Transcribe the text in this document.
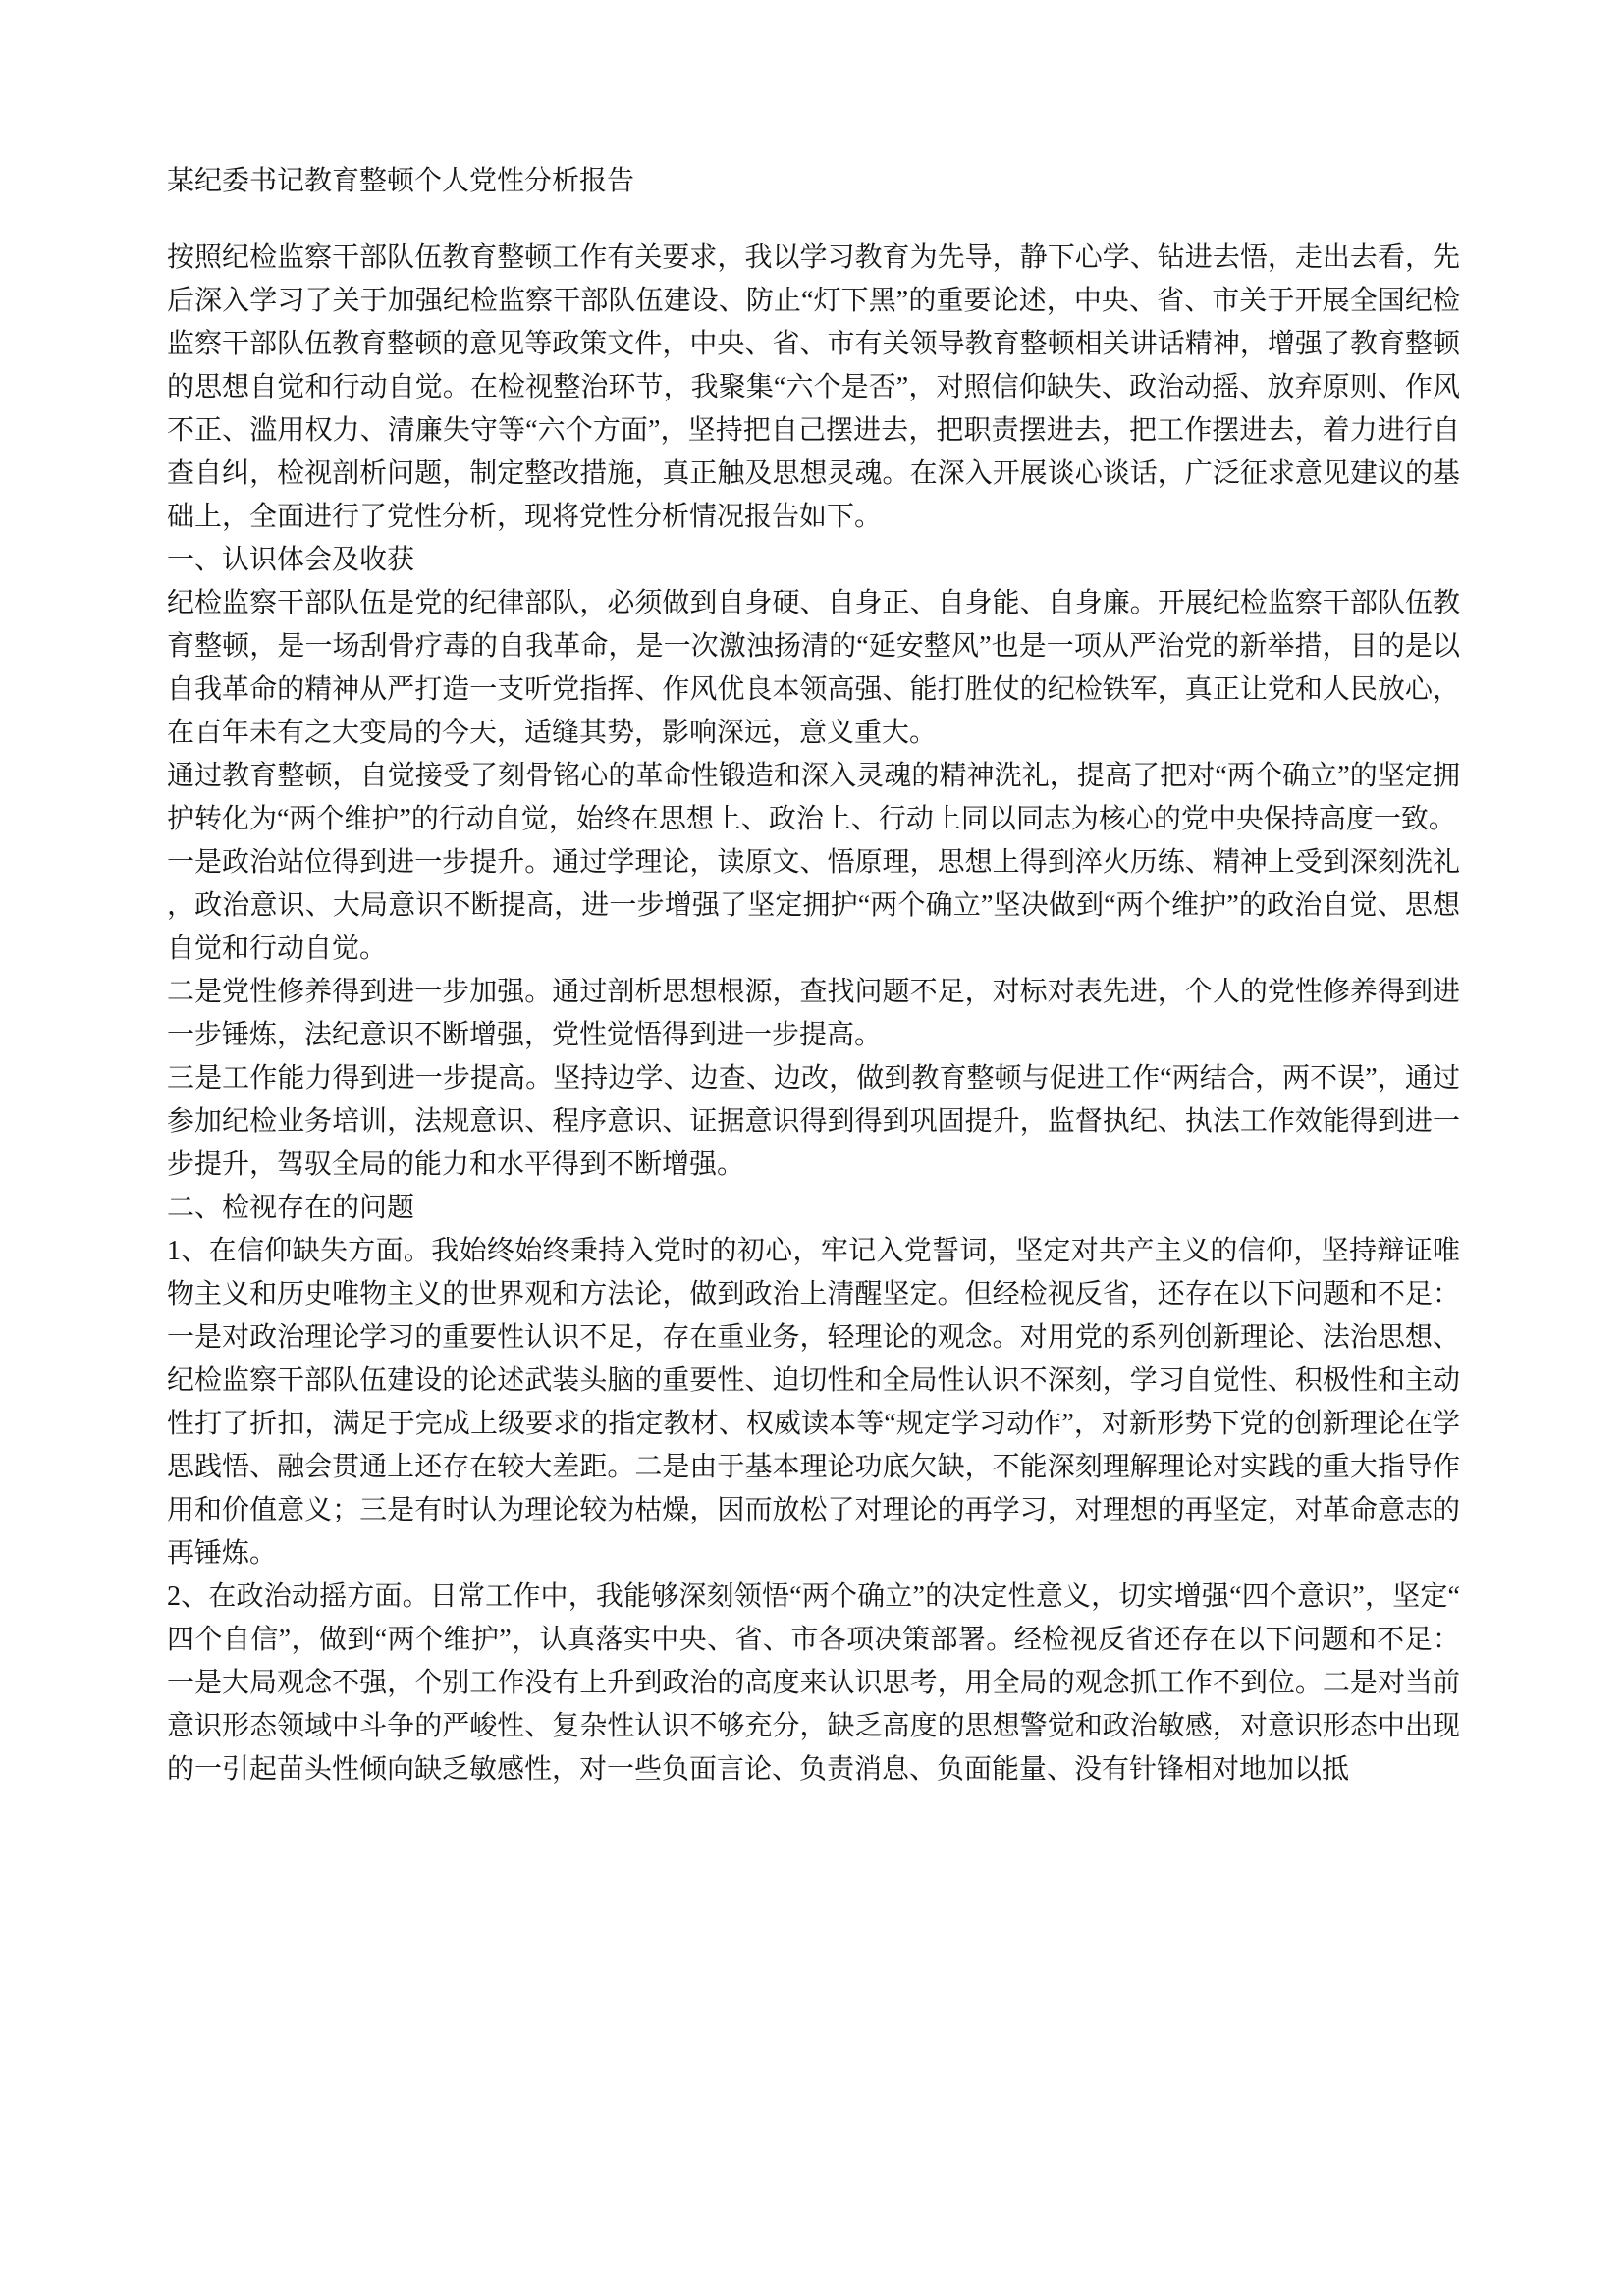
某纪委书记教育整顿个人党性分析报告

按照纪检监察干部队伍教育整顿工作有关要求，我以学习教育为先导，静下心学、钻进去悟，走出去看，先后深入学习了关于加强纪检监察干部队伍建设、防止“灯下黑”的重要论述，中央、省、市关于开展全国纪检监察干部队伍教育整顿的意见等政策文件，中央、省、市有关领导教育整顿相关讲话精神，增强了教育整顿的思想自觉和行动自觉。在检视整治环节，我聚集“六个是否”，对照信仰缺失、政治动摇、放弃原则、作风不正、滥用权力、清廉失守等“六个方面”，坚持把自己摆进去，把职责摆进去，把工作摆进去，着力进行自查自纠，检视剖析问题，制定整改措施，真正触及思想灵魂。在深入开展谈心谈话，广泛征求意见建议的基础上，全面进行了党性分析，现将党性分析情况报告如下。

一、认识体会及收获

纪检监察干部队伍是党的纪律部队，必须做到自身硬、自身正、自身能、自身廉。开展纪检监察干部队伍教育整顿，是一场刮骨疗毒的自我革命，是一次激浊扬清的“延安整风”也是一项从严治党的新举措，目的是以自我革命的精神从严打造一支听党指挥、作风优良本领高强、能打胜仗的纪检铁军，真正让党和人民放心，在百年未有之大变局的今天，适缝其势，影响深远，意义重大。

通过教育整顿，自觉接受了刻骨铭心的革命性锻造和深入灵魂的精神洗礼，提高了把对“两个确立”的坚定拥护转化为“两个维护”的行动自觉，始终在思想上、政治上、行动上同以同志为核心的党中央保持高度一致。

一是政治站位得到进一步提升。通过学理论，读原文、悟原理，思想上得到淬火历练、精神上受到深刻洗礼，政治意识、大局意识不断提高，进一步增强了坚定拥护“两个确立”坚决做到“两个维护”的政治自觉、思想自觉和行动自觉。

二是党性修养得到进一步加强。通过剖析思想根源，查找问题不足，对标对表先进，个人的党性修养得到进一步锤炼，法纪意识不断增强，党性觉悟得到进一步提高。

三是工作能力得到进一步提高。坚持边学、边查、边改，做到教育整顿与促进工作“两结合，两不误”，通过参加纪检业务培训，法规意识、程序意识、证据意识得到得到巩固提升，监督执纪、执法工作效能得到进一步提升，驾驭全局的能力和水平得到不断增强。

二、检视存在的问题

1、在信仰缺失方面。我始终始终秉持入党时的初心，牢记入党誓词，坚定对共产主义的信仰，坚持辩证唯物主义和历史唯物主义的世界观和方法论，做到政治上清醒坚定。但经检视反省，还存在以下问题和不足：一是对政治理论学习的重要性认识不足，存在重业务，轻理论的观念。对用党的系列创新理论、法治思想、纪检监察干部队伍建设的论述武装头脑的重要性、迫切性和全局性认识不深刻，学习自觉性、积极性和主动性打了折扣，满足于完成上级要求的指定教材、权威读本等“规定学习动作”，对新形势下党的创新理论在学思践悟、融会贯通上还存在较大差距。二是由于基本理论功底欠缺，不能深刻理解理论对实践的重大指导作用和价值意义；三是有时认为理论较为枯燥，因而放松了对理论的再学习，对理想的再坚定，对革命意志的再锤炼。

2、在政治动摇方面。日常工作中，我能够深刻领悟“两个确立”的决定性意义，切实增强“四个意识”，坚定“四个自信”，做到“两个维护”，认真落实中央、省、市各项决策部署。经检视反省还存在以下问题和不足：一是大局观念不强，个别工作没有上升到政治的高度来认识思考，用全局的观念抓工作不到位。二是对当前意识形态领域中斗争的严峻性、复杂性认识不够充分，缺乏高度的思想警觉和政治敏感，对意识形态中出现的一引起苗头性倾向缺乏敏感性，对一些负面言论、负责消息、负面能量、没有针锋相对地加以抵
